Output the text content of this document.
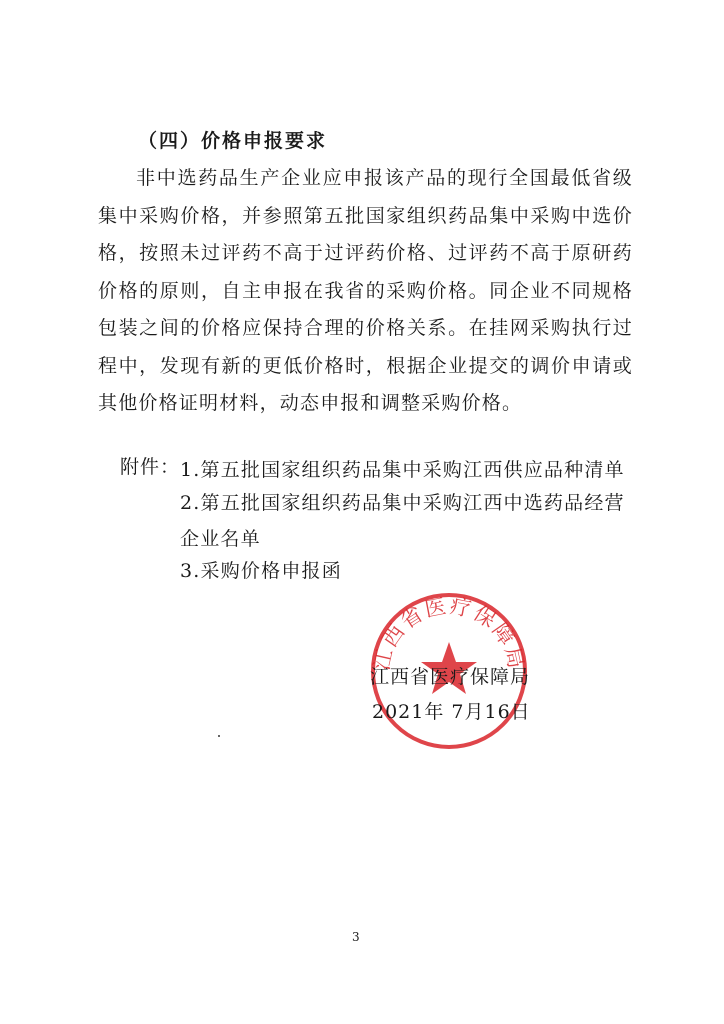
（四）价格申报要求

非中选药品生产企业应申报该产品的现行全国最低省级集中采购价格，并参照第五批国家组织药品集中采购中选价格，按照未过评药不高于过评药价格、过评药不高于原研药价格的原则，自主申报在我省的采购价格。同企业不同规格包装之间的价格应保持合理的价格关系。在挂网采购执行过程中，发现有新的更低价格时，根据企业提交的调价申请或其他价格证明材料，动态申报和调整采购价格。

附件： 1.第五批国家组织药品集中采购江西供应品种清单
2.第五批国家组织药品集中采购江西中选药品经营企业名单
3.采购价格申报函
江西省医疗保障局
江西省医疗保障局
2021年 7月16日
3
